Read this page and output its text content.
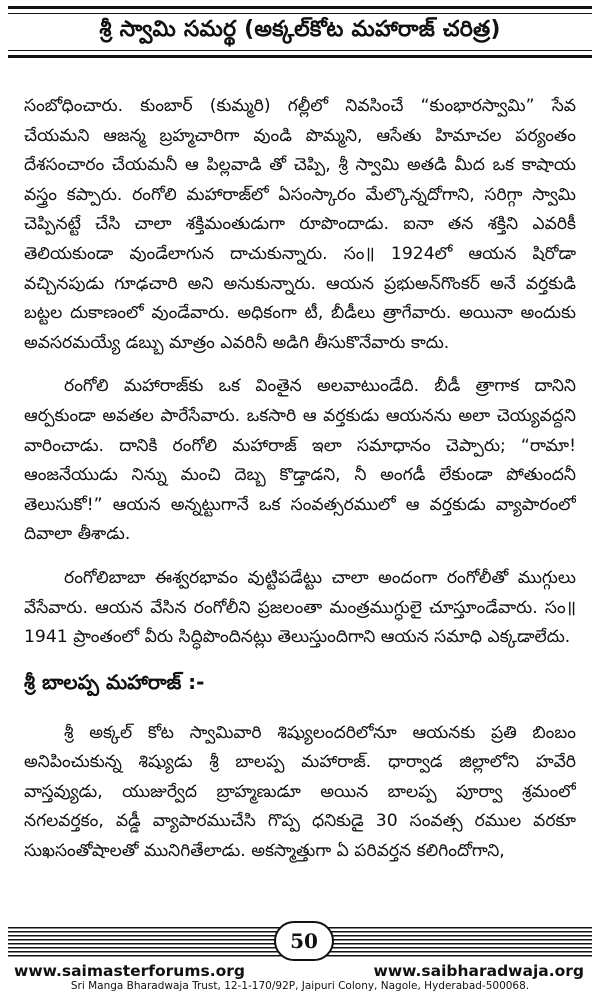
శ్రీ స్వామి సమర్థ (అక్కల్‌కోట మహారాజ్ చరిత్ర)

సంబోధించారు. కుంబార్ (కుమ్మరి) గల్లీలో నివసించే “కుంభారస్వామి” సేవ చేయమని ఆజన్మ బ్రహ్మచారిగా వుండి పొమ్మని, ఆసేతు హిమాచల పర్యంతం దేశసంచారం చేయమనీ ఆ పిల్లవాడి తో చెప్పి, శ్రీ స్వామి అతడి మీద ఒక కాషాయ వస్త్రం కప్పారు. రంగోలి మహారాజ్‌లో ఏసంస్కారం మేల్కొన్నదోగాని, సరిగ్గా స్వామి చెప్పినట్టే చేసి చాలా శక్తిమంతుడుగా రూపొందాడు. ఐనా తన శక్తిని ఎవరికీ తెలియకుండా వుండేలాగున దాచుకున్నారు. సం॥ 1924లో ఆయన షిరోడా వచ్చినపుడు గూఢచారి అని అనుకున్నారు. ఆయన ప్రభుఅన్‌గొంకర్ అనే వర్తకుడి బట్టల దుకాణంలో వుండేవారు. అధికంగా టీ, బీడీలు త్రాగేవారు. అయినా అందుకు అవసరమయ్యే డబ్బు మాత్రం ఎవరినీ అడిగి తీసుకొనేవారు కాదు.

రంగోలి మహారాజ్‌కు ఒక వింతైన అలవాటుండేది. బీడీ త్రాగాక దానిని ఆర్పకుండా అవతల పారేసేవారు. ఒకసారి ఆ వర్తకుడు ఆయనను అలా చెయ్యవద్దని వారించాడు. దానికి రంగోలి మహారాజ్ ఇలా సమాధానం చెప్పారు; “రామా! ఆంజనేయుడు నిన్ను మంచి దెబ్బ కొడ్తాడని, నీ అంగడీ లేకుండా పోతుందనీ తెలుసుకో!” ఆయన అన్నట్టుగానే ఒక సంవత్సరములో ఆ వర్తకుడు వ్యాపారంలో దివాలా తీశాడు.

రంగోలిబాబా ఈశ్వరభావం వుట్టిపడేట్టు చాలా అందంగా రంగోలీతో ముగ్గులు వేసేవారు. ఆయన వేసిన రంగోలీని ప్రజలంతా మంత్రముగ్ధులై చూస్తూండేవారు. సం॥ 1941 ప్రాంతంలో వీరు సిద్ధిపొందినట్లు తెలుస్తుందిగాని ఆయన సమాధి ఎక్కడాలేదు.

శ్రీ బాలప్ప మహారాజ్ :-

శ్రీ అక్కల్ కోట స్వామివారి శిష్యులందరిలోనూ ఆయనకు ప్రతి బింబం అనిపించుకున్న శిష్యుడు శ్రీ బాలప్ప మహారాజ్. ధార్వాడ జిల్లాలోని హవేరి వాస్తవ్యుడు, యుజుర్వేద బ్రాహ్మణుడూ అయిన బాలప్ప పూర్వా శ్రమంలో నగలవర్తకం, వడ్డీ వ్యాపారముచేసి గొప్ప ధనికుడై 30 సంవత్స రముల వరకూ సుఖసంతోషాలతో మునిగితేలాడు. అకస్మాత్తుగా ఏ పరివర్తన కలిగిందోగాని,

50
www.saimasterforums.org	www.saibharadwaja.org
Sri Manga Bharadwaja Trust, 12-1-170/92P, Jaipuri Colony, Nagole, Hyderabad-500068.
